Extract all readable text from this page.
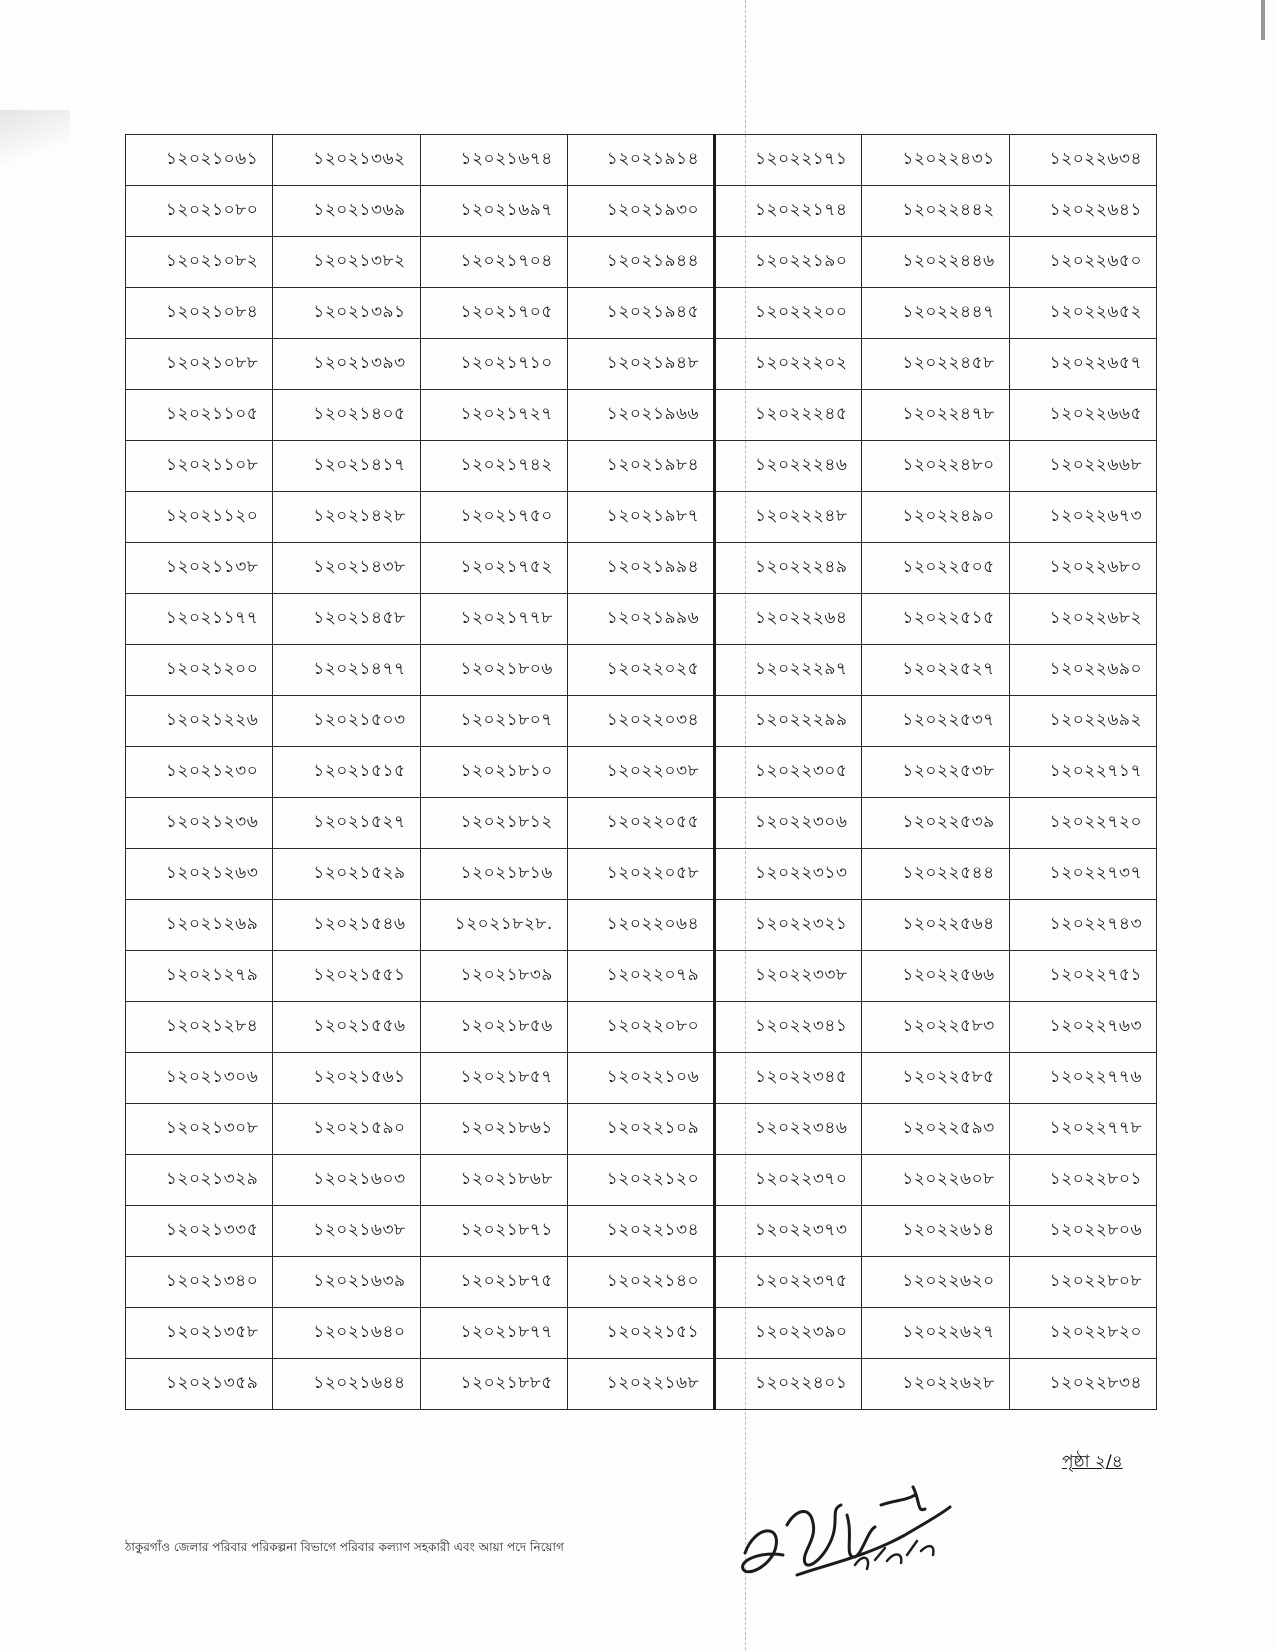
১২০২১০৬১	১২০২১৩৬২	১২০২১৬৭৪	১২০২১৯১৪	১২০২২১৭১	১২০২২৪৩১	১২০২২৬৩৪
১২০২১০৮০	১২০২১৩৬৯	১২০২১৬৯৭	১২০২১৯৩০	১২০২২১৭৪	১২০২২৪৪২	১২০২২৬৪১
১২০২১০৮২	১২০২১৩৮২	১২০২১৭০৪	১২০২১৯৪৪	১২০২২১৯০	১২০২২৪৪৬	১২০২২৬৫০
১২০২১০৮৪	১২০২১৩৯১	১২০২১৭০৫	১২০২১৯৪৫	১২০২২২০০	১২০২২৪৪৭	১২০২২৬৫২
১২০২১০৮৮	১২০২১৩৯৩	১২০২১৭১০	১২০২১৯৪৮	১২০২২২০২	১২০২২৪৫৮	১২০২২৬৫৭
১২০২১১০৫	১২০২১৪০৫	১২০২১৭২৭	১২০২১৯৬৬	১২০২২২৪৫	১২০২২৪৭৮	১২০২২৬৬৫
১২০২১১০৮	১২০২১৪১৭	১২০২১৭৪২	১২০২১৯৮৪	১২০২২২৪৬	১২০২২৪৮০	১২০২২৬৬৮
১২০২১১২০	১২০২১৪২৮	১২০২১৭৫০	১২০২১৯৮৭	১২০২২২৪৮	১২০২২৪৯০	১২০২২৬৭৩
১২০২১১৩৮	১২০২১৪৩৮	১২০২১৭৫২	১২০২১৯৯৪	১২০২২২৪৯	১২০২২৫০৫	১২০২২৬৮০
১২০২১১৭৭	১২০২১৪৫৮	১২০২১৭৭৮	১২০২১৯৯৬	১২০২২২৬৪	১২০২২৫১৫	১২০২২৬৮২
১২০২১২০০	১২০২১৪৭৭	১২০২১৮০৬	১২০২২০২৫	১২০২২২৯৭	১২০২২৫২৭	১২০২২৬৯০
১২০২১২২৬	১২০২১৫০৩	১২০২১৮০৭	১২০২২০৩৪	১২০২২২৯৯	১২০২২৫৩৭	১২০২২৬৯২
১২০২১২৩০	১২০২১৫১৫	১২০২১৮১০	১২০২২০৩৮	১২০২২৩০৫	১২০২২৫৩৮	১২০২২৭১৭
১২০২১২৩৬	১২০২১৫২৭	১২০২১৮১২	১২০২২০৫৫	১২০২২৩০৬	১২০২২৫৩৯	১২০২২৭২০
১২০২১২৬৩	১২০২১৫২৯	১২০২১৮১৬	১২০২২০৫৮	১২০২২৩১৩	১২০২২৫৪৪	১২০২২৭৩৭
১২০২১২৬৯	১২০২১৫৪৬	১২০২১৮২৮.	১২০২২০৬৪	১২০২২৩২১	১২০২২৫৬৪	১২০২২৭৪৩
১২০২১২৭৯	১২০২১৫৫১	১২০২১৮৩৯	১২০২২০৭৯	১২০২২৩৩৮	১২০২২৫৬৬	১২০২২৭৫১
১২০২১২৮৪	১২০২১৫৫৬	১২০২১৮৫৬	১২০২২০৮০	১২০২২৩৪১	১২০২২৫৮৩	১২০২২৭৬৩
১২০২১৩০৬	১২০২১৫৬১	১২০২১৮৫৭	১২০২২১০৬	১২০২২৩৪৫	১২০২২৫৮৫	১২০২২৭৭৬
১২০২১৩০৮	১২০২১৫৯০	১২০২১৮৬১	১২০২২১০৯	১২০২২৩৪৬	১২০২২৫৯৩	১২০২২৭৭৮
১২০২১৩২৯	১২০২১৬০৩	১২০২১৮৬৮	১২০২২১২০	১২০২২৩৭০	১২০২২৬০৮	১২০২২৮০১
১২০২১৩৩৫	১২০২১৬৩৮	১২০২১৮৭১	১২০২২১৩৪	১২০২২৩৭৩	১২০২২৬১৪	১২০২২৮০৬
১২০২১৩৪০	১২০২১৬৩৯	১২০২১৮৭৫	১২০২২১৪০	১২০২২৩৭৫	১২০২২৬২০	১২০২২৮০৮
১২০২১৩৫৮	১২০২১৬৪০	১২০২১৮৭৭	১২০২২১৫১	১২০২২৩৯০	১২০২২৬২৭	১২০২২৮২০
১২০২১৩৫৯	১২০২১৬৪৪	১২০২১৮৮৫	১২০২২১৬৮	১২০২২৪০১	১২০২২৬২৮	১২০২২৮৩৪
পৃষ্ঠা ২/৪
ঠাকুরগাঁও জেলার পরিবার পরিকল্পনা বিভাগে পরিবার কল্যাণ সহকারী এবং আয়া পদে নিয়োগ
